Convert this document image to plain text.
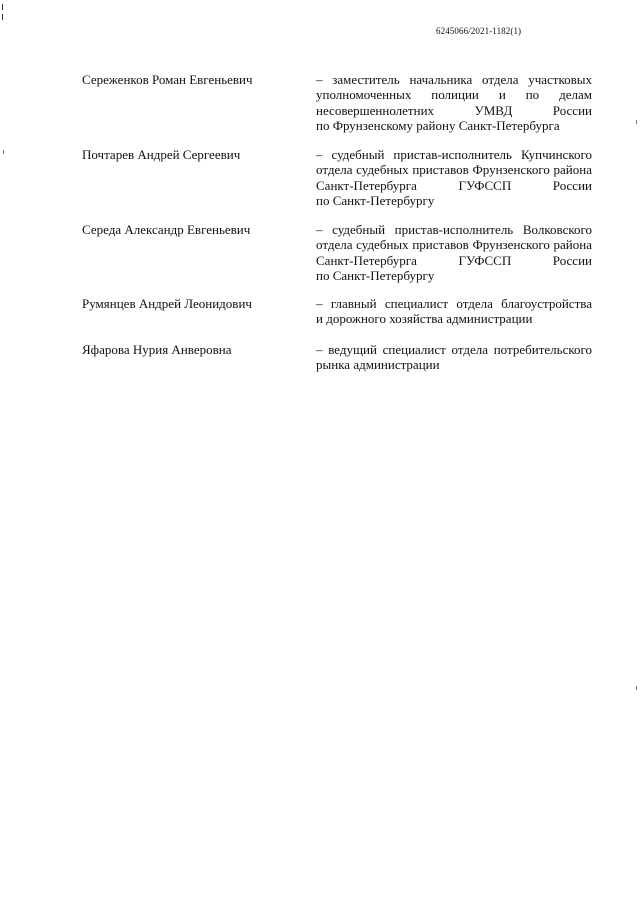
6245066/2021-1182(1)
Сереженков Роман Евгеньевич	– заместитель начальника отдела участковых
уполномоченных полиции и по делам
несовершеннолетних УМВД России
по Фрунзенскому району Санкт-Петербурга
Почтарев Андрей Сергеевич	– судебный пристав-исполнитель Купчинского
отдела судебных приставов Фрунзенского района
Санкт-Петербурга ГУФССП России
по Санкт-Петербургу
Середа Александр Евгеньевич	– судебный пристав-исполнитель Волковского
отдела судебных приставов Фрунзенского района
Санкт-Петербурга ГУФССП России
по Санкт-Петербургу
Румянцев Андрей Леонидович	– главный специалист отдела благоустройства
и дорожного хозяйства администрации
Яфарова Нурия Анверовна	– ведущий специалист отдела потребительского
рынка администрации
